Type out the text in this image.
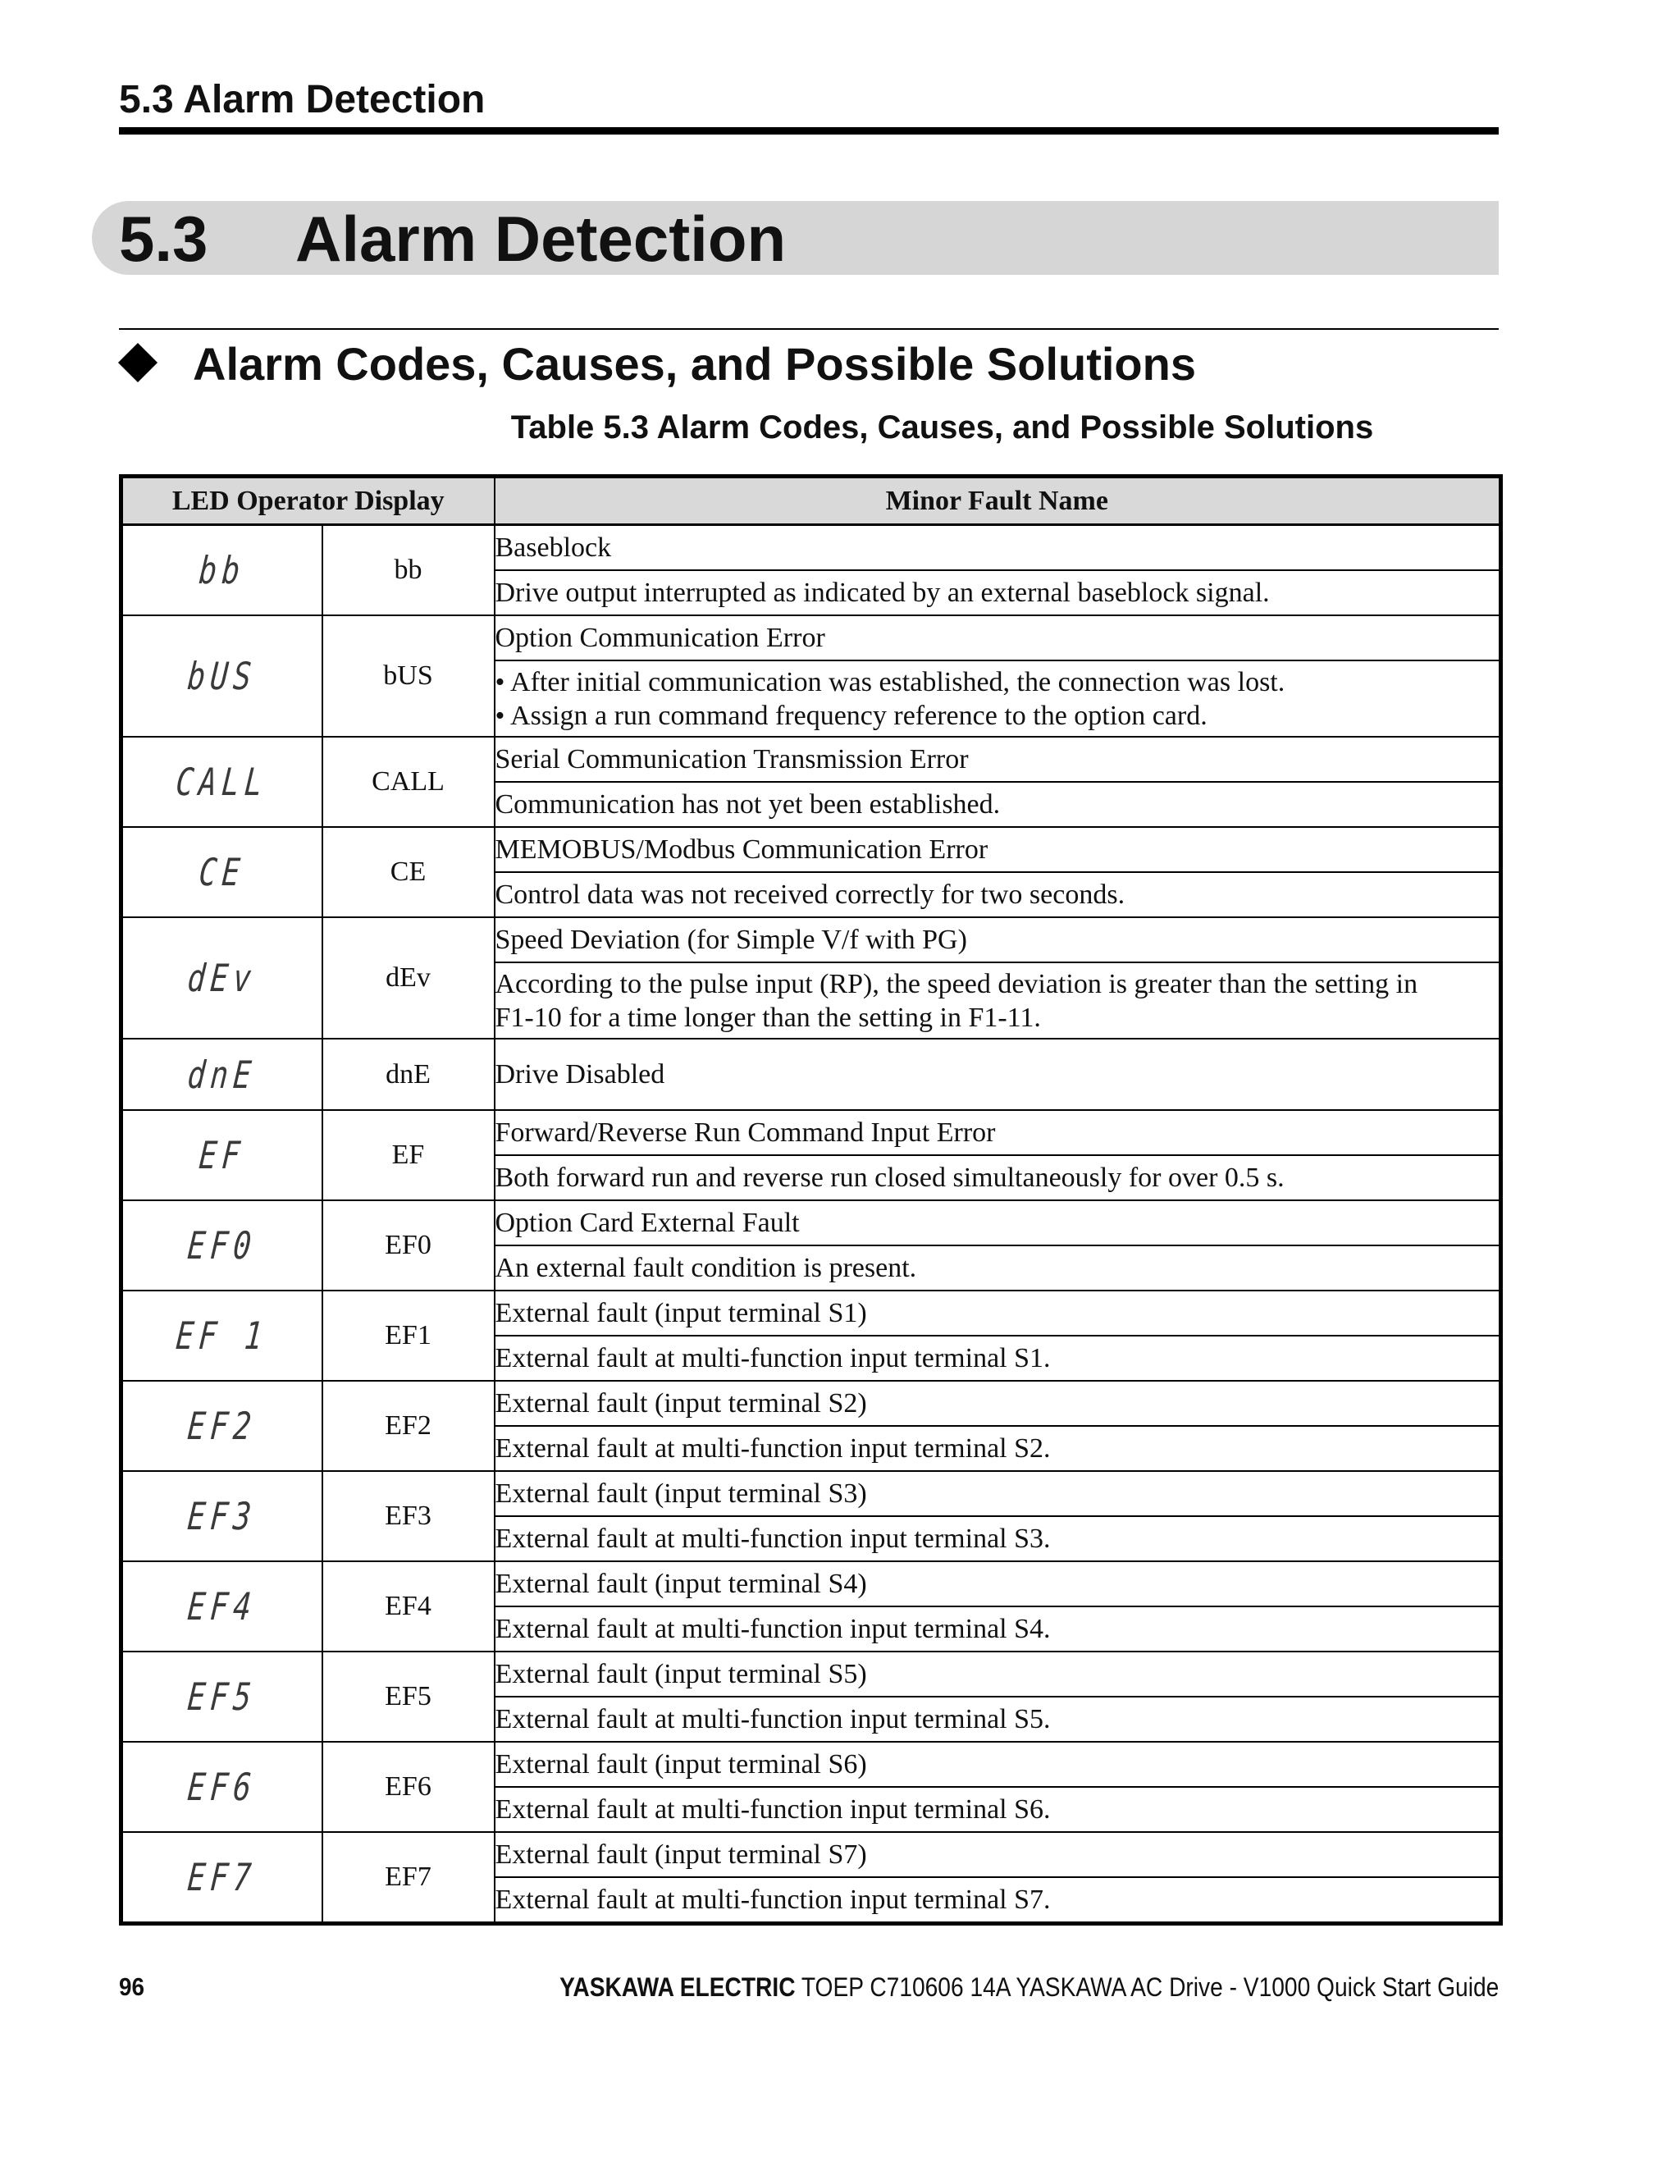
5.3 Alarm Detection
5.3 Alarm Detection
Alarm Codes, Causes, and Possible Solutions
Table 5.3 Alarm Codes, Causes, and Possible Solutions
LED Operator Display		Minor Fault Name
bb	bb	Baseblock
		Drive output interrupted as indicated by an external baseblock signal.
bUS	bUS	Option Communication Error

		• After initial communication was established, the connection was lost.
• Assign a run command frequency reference to the option card.

CALL	CALL	Serial Communication Transmission Error
		Communication has not yet been established.
CE	CE	MEMOBUS/Modbus Communication Error
		Control data was not received correctly for two seconds.
dEv	dEv	Speed Deviation (for Simple V/f with PG)

		According to the pulse input (RP), the speed deviation is greater than the setting in
F1-10 for a time longer than the setting in F1-11.

dnE	dnE	Drive Disabled
EF	EF	Forward/Reverse Run Command Input Error
		Both forward run and reverse run closed simultaneously for over 0.5 s.
EF0	EF0	Option Card External Fault
		An external fault condition is present.
EF 1	EF1	External fault (input terminal S1)
		External fault at multi-function input terminal S1.
EF2	EF2	External fault (input terminal S2)
		External fault at multi-function input terminal S2.
EF3	EF3	External fault (input terminal S3)
		External fault at multi-function input terminal S3.
EF4	EF4	External fault (input terminal S4)
		External fault at multi-function input terminal S4.
EF5	EF5	External fault (input terminal S5)
		External fault at multi-function input terminal S5.
EF6	EF6	External fault (input terminal S6)
		External fault at multi-function input terminal S6.
EF7	EF7	External fault (input terminal S7)
		External fault at multi-function input terminal S7.
96	YASKAWA ELECTRIC TOEP C710606 14A YASKAWA AC Drive - V1000 Quick Start Guide
